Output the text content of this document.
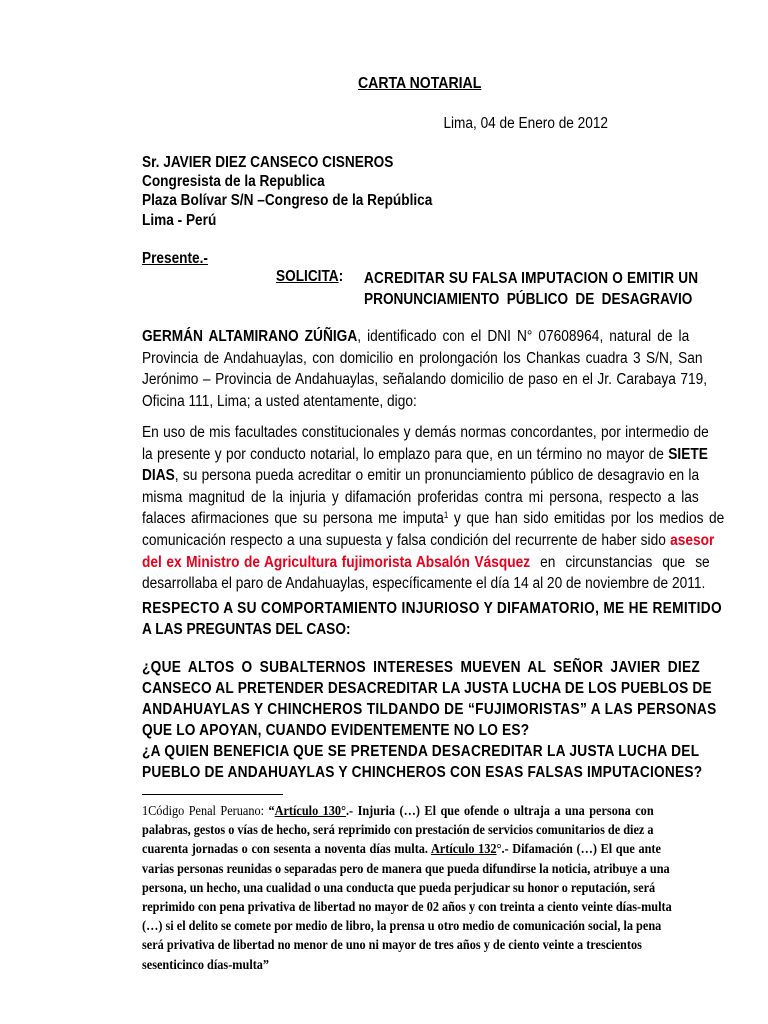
CARTA NOTARIAL
Lima, 04 de Enero de 2012
Sr. JAVIER DIEZ CANSECO CISNEROS
Congresista de la Republica
Plaza Bolívar S/N –Congreso de la República
Lima - Perú
Presente.-
SOLICITA:	ACREDITAR SU FALSA IMPUTACION O EMITIR UN
PRONUNCIAMIENTO PÚBLICO DE DESAGRAVIO
GERMÁN ALTAMIRANO ZÚÑIGA, identificado con el DNI N° 07608964, natural de la
Provincia de Andahuaylas, con domicilio en prolongación los Chankas cuadra 3 S/N, San
Jerónimo – Provincia de Andahuaylas, señalando domicilio de paso en el Jr. Carabaya 719,
Oficina 111, Lima; a usted atentamente, digo:
En uso de mis facultades constitucionales y demás normas concordantes, por intermedio de
la presente y por conducto notarial, lo emplazo para que, en un término no mayor de SIETE
DIAS, su persona pueda acreditar o emitir un pronunciamiento público de desagravio en la
misma magnitud de la injuria y difamación proferidas contra mi persona, respecto a las
falaces afirmaciones que su persona me imputa$^1$ y que han sido emitidas por los medios de
comunicación respecto a una supuesta y falsa condición del recurrente de haber sido asesor
del ex Ministro de Agricultura fujimorista Absalón Vásquez en circunstancias que se
desarrollaba el paro de Andahuaylas, específicamente el día 14 al 20 de noviembre de 2011.
RESPECTO A SU COMPORTAMIENTO INJURIOSO Y DIFAMATORIO, ME HE REMITIDO
A LAS PREGUNTAS DEL CASO:
¿QUE ALTOS O SUBALTERNOS INTERESES MUEVEN AL SEÑOR JAVIER DIEZ
CANSECO AL PRETENDER DESACREDITAR LA JUSTA LUCHA DE LOS PUEBLOS DE
ANDAHUAYLAS Y CHINCHEROS TILDANDO DE “FUJIMORISTAS” A LAS PERSONAS
QUE LO APOYAN, CUANDO EVIDENTEMENTE NO LO ES?
¿A QUIEN BENEFICIA QUE SE PRETENDA DESACREDITAR LA JUSTA LUCHA DEL
PUEBLO DE ANDAHUAYLAS Y CHINCHEROS CON ESAS FALSAS IMPUTACIONES?
1Código Penal Peruano: “Artículo 130°.- Injuria (…) El que ofende o ultraja a una persona con
palabras, gestos o vías de hecho, será reprimido con prestación de servicios comunitarios de diez a
cuarenta jornadas o con sesenta a noventa días multa. Artículo 132°.- Difamación (…) El que ante
varias personas reunidas o separadas pero de manera que pueda difundirse la noticia, atribuye a una
persona, un hecho, una cualidad o una conducta que pueda perjudicar su honor o reputación, será
reprimido con pena privativa de libertad no mayor de 02 años y con treinta a ciento veinte días-multa
(…) si el delito se comete por medio de libro, la prensa u otro medio de comunicación social, la pena
será privativa de libertad no menor de uno ni mayor de tres años y de ciento veinte a trescientos
sesenticinco días-multa”
